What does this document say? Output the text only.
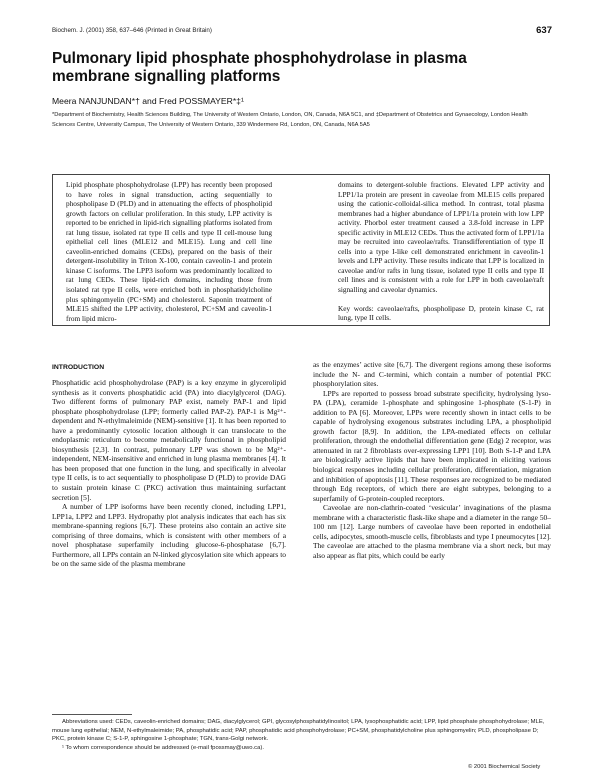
Biochem. J. (2001) 358, 637–646 (Printed in Great Britain)	637
Pulmonary lipid phosphate phosphohydrolase in plasma membrane signalling platforms
Meera NANJUNDAN*† and Fred POSSMAYER*‡¹
*Department of Biochemistry, Health Sciences Building, The University of Western Ontario, London, ON, Canada, N6A 5C1, and ‡Department of Obstetrics and Gynaecology, London Health Sciences Centre, University Campus, The University of Western Ontario, 339 Windermere Rd, London, ON, Canada, N6A 5A5

Lipid phosphate phosphohydrolase (LPP) has recently been proposed to have roles in signal transduction, acting sequentially to phospholipase D (PLD) and in attenuating the effects of phospholipid growth factors on cellular proliferation. In this study, LPP activity is reported to be enriched in lipid-rich signalling platforms isolated from rat lung tissue, isolated rat type II cells and type II cell-mouse lung epithelial cell lines (MLE12 and MLE15). Lung and cell line caveolin-enriched domains (CEDs), prepared on the basis of their detergent-insolubility in Triton X-100, contain caveolin-1 and protein kinase C isoforms. The LPP3 isoform was predominantly localized to rat lung CEDs. These lipid-rich domains, including those from isolated rat type II cells, were enriched both in phosphatidylcholine plus sphingomyelin (PC+SM) and cholesterol. Saponin treatment of MLE15 shifted the LPP activity, cholesterol, PC+SM and caveolin-1 from lipid micro-

domains to detergent-soluble fractions. Elevated LPP activity and LPP1/1a protein are present in caveolae from MLE15 cells prepared using the cationic-colloidal-silica method. In contrast, total plasma membranes had a higher abundance of LPP1/1a protein with low LPP activity. Phorbol ester treatment caused a 3.8-fold increase in LPP specific activity in MLE12 CEDs. Thus the activated form of LPP1/1a may be recruited into caveolae/rafts. Transdifferentiation of type II cells into a type I-like cell demonstrated enrichment in caveolin-1 levels and LPP activity. These results indicate that LPP is localized in caveolae and/or rafts in lung tissue, isolated type II cells and type II cell lines and is consistent with a role for LPP in both caveolae/raft signalling and caveolar dynamics.

Key words: caveolae/rafts, phospholipase D, protein kinase C, rat lung, type II cells.

INTRODUCTION

Phosphatidic acid phosphohydrolase (PAP) is a key enzyme in glycerolipid synthesis as it converts phosphatidic acid (PA) into diacylglycerol (DAG). Two different forms of pulmonary PAP exist, namely PAP-1 and lipid phosphate phosphohydrolase (LPP; formerly called PAP-2). PAP-1 is Mg²⁺-dependent and N-ethylmaleimide (NEM)-sensitive [1]. It has been reported to have a predominantly cytosolic location although it can translocate to the endoplasmic reticulum to become metabolically functional in phospholipid biosynthesis [2,3]. In contrast, pulmonary LPP was shown to be Mg²⁺-independent, NEM-insensitive and enriched in lung plasma membranes [4]. It has been proposed that one function in the lung, and specifically in alveolar type II cells, is to act sequentially to phospholipase D (PLD) to provide DAG to sustain protein kinase C (PKC) activation thus maintaining surfactant secretion [5].

A number of LPP isoforms have been recently cloned, including LPP1, LPP1a, LPP2 and LPP3. Hydropathy plot analysis indicates that each has six membrane-spanning regions [6,7]. These proteins also contain an active site comprising of three domains, which is consistent with other members of a novel phosphatase superfamily including glucose-6-phosphatase [6,7]. Furthermore, all LPPs contain an N-linked glycosylation site which appears to be on the same side of the plasma membrane

as the enzymes’ active site [6,7]. The divergent regions among these isoforms include the N- and C-termini, which contain a number of potential PKC phosphorylation sites.

LPPs are reported to possess broad substrate specificity, hydrolysing lyso-PA (LPA), ceramide 1-phosphate and sphingosine 1-phosphate (S-1-P) in addition to PA [6]. Moreover, LPPs were recently shown in intact cells to be capable of hydrolysing exogenous substrates including LPA, a phospholipid growth factor [8,9]. In addition, the LPA-mediated effects on cellular proliferation, through the endothelial differentiation gene (Edg) 2 receptor, was attenuated in rat 2 fibroblasts over-expressing LPP1 [10]. Both S-1-P and LPA are biologically active lipids that have been implicated in eliciting various biological responses including cellular proliferation, differentiation, migration and inhibition of apoptosis [11]. These responses are recognized to be mediated through Edg receptors, of which there are eight subtypes, belonging to a superfamily of G-protein-coupled receptors.

Caveolae are non-clathrin-coated ‘vesicular’ invaginations of the plasma membrane with a characteristic flask-like shape and a diameter in the range 50–100 nm [12]. Large numbers of caveolae have been reported in endothelial cells, adipocytes, smooth-muscle cells, fibroblasts and type I pneumocytes [12]. The caveolae are attached to the plasma membrane via a short neck, but may also appear as flat pits, which could be early

Abbreviations used: CEDs, caveolin-enriched domains; DAG, diacylglycerol; GPI, glycosylphosphatidylinositol; LPA, lysophosphatidic acid; LPP, lipid phosphate phosphohydrolase; MLE, mouse lung epithelial; NEM, N-ethylmaleimide; PA, phosphatidic acid; PAP, phosphatidic acid phosphohydrolase; PC+SM, phosphatidylcholine plus sphingomyelin; PLD, phospholipase D; PKC, protein kinase C; S-1-P, sphingosine 1-phosphate; TGN, trans-Golgi network.

¹ To whom correspondence should be addressed (e-mail fpossmay@uwo.ca).

© 2001 Biochemical Society
